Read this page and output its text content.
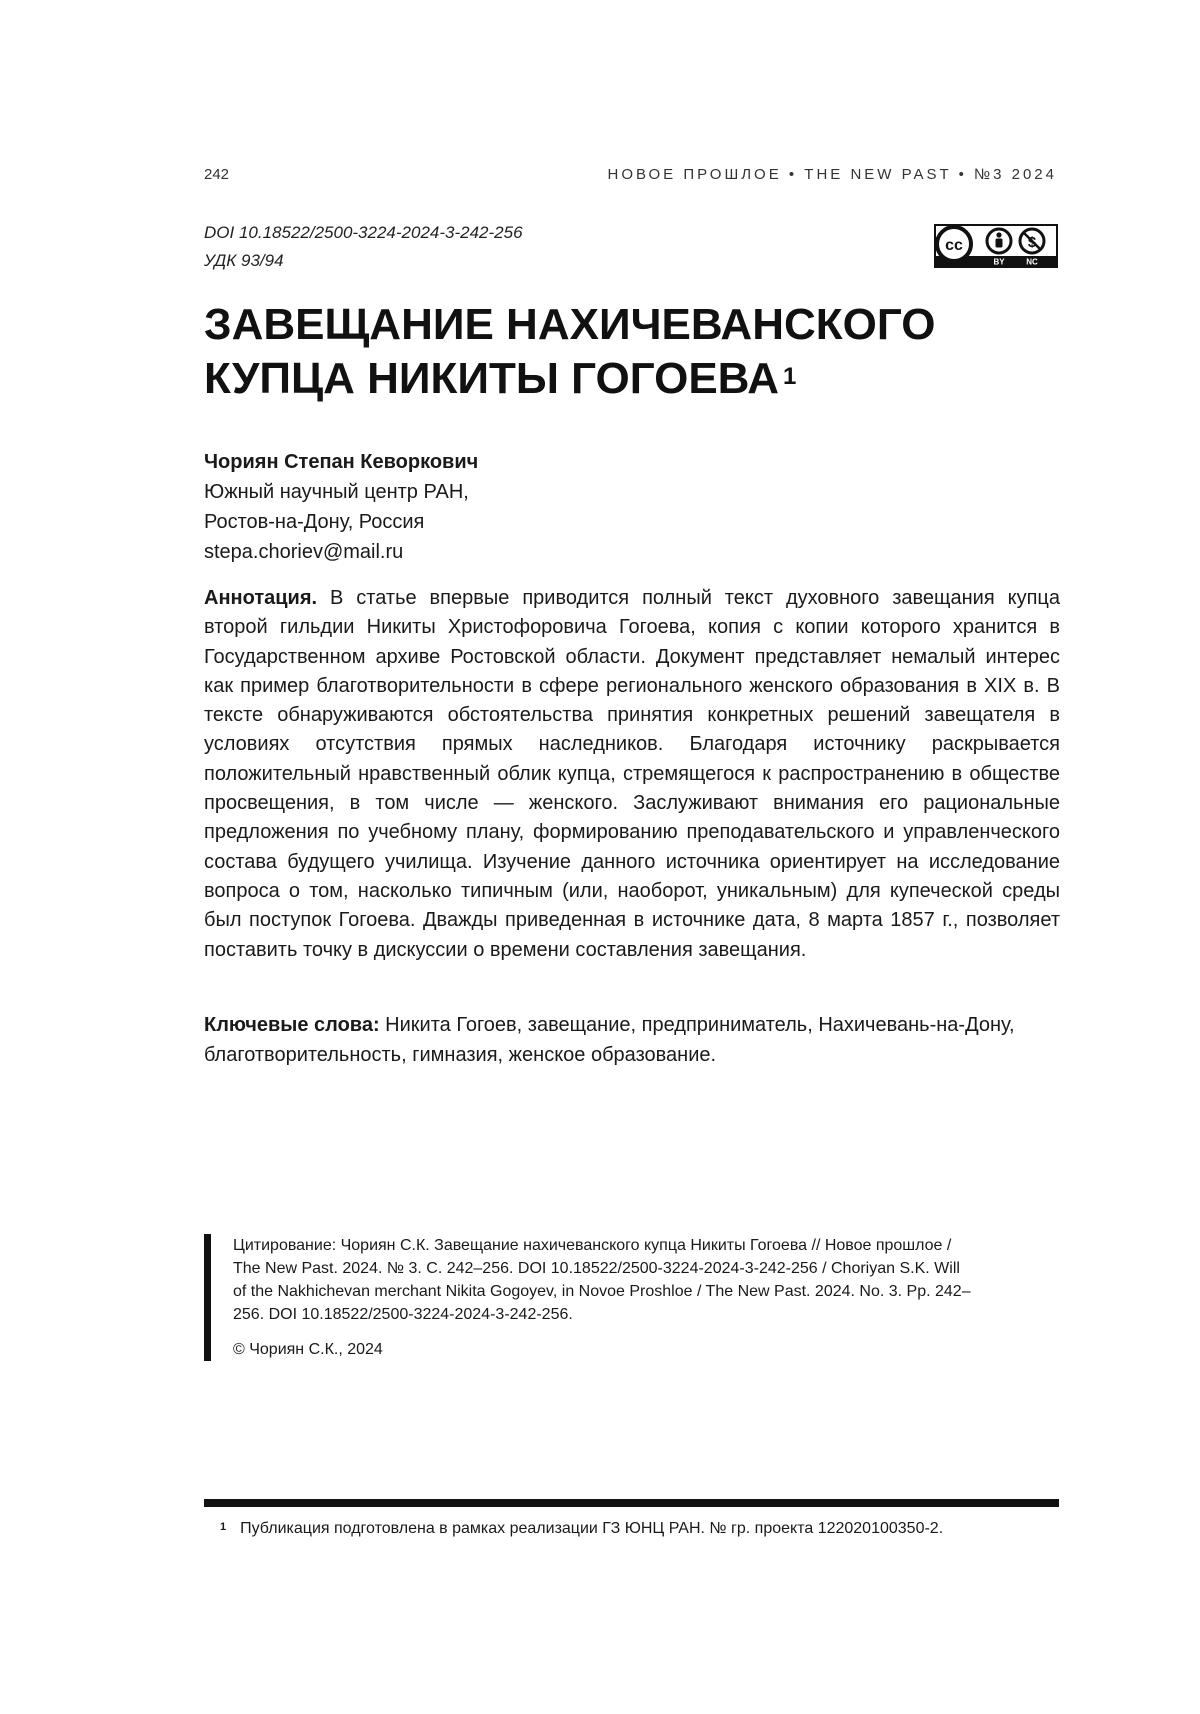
242	НОВОЕ ПРОШЛОЕ • THE NEW PAST • №3 2024
DOI 10.18522/2500-3224-2024-3-242-256
УДК 93/94
cc
BY	NC
ЗАВЕЩАНИЕ НАХИЧЕВАНСКОГО КУПЦА НИКИТЫ ГОГОЕВА 1
Чориян Степан Кеворкович
Южный научный центр РАН,
Ростов-на-Дону, Россия
stepa.choriev@mail.ru

Аннотация. В статье впервые приводится полный текст духовного завещания купца второй гильдии Никиты Христофоровича Гогоева, копия с копии которого хранится в Государственном архиве Ростовской области. Документ представляет немалый интерес как пример благотворительности в сфере регионального женского образования в XIX в. В тексте обнаруживаются обстоятельства принятия конкретных решений завещателя в условиях отсутствия прямых наследников. Благодаря источнику раскрывается положительный нравственный облик купца, стремящегося к распространению в обществе просвещения, в том числе — женского. Заслуживают внимания его рациональные предложения по учебному плану, формированию преподавательского и управленческого состава будущего училища. Изучение данного источника ориентирует на исследование вопроса о том, насколько типичным (или, наоборот, уникальным) для купеческой среды был поступок Гогоева. Дважды приведенная в источнике дата, 8 марта 1857 г., позволяет поставить точку в дискуссии о времени составления завещания.

Ключевые слова: Никита Гогоев, завещание, предприниматель, Нахичевань-на-Дону, благотворительность, гимназия, женское образование.

Цитирование: Чориян С.К. Завещание нахичеванского купца Никиты Гогоева // Новое прошлое / The New Past. 2024. № 3. С. 242–256. DOI 10.18522/2500-3224-2024-3-242-256 / Choriyan S.K. Will of the Nakhichevan merchant Nikita Gogoyev, in Novoe Proshloe / The New Past. 2024. No. 3. Pp. 242–256. DOI 10.18522/2500-3224-2024-3-242-256.

© Чориян С.К., 2024

1 Публикация подготовлена в рамках реализации ГЗ ЮНЦ РАН. № гр. проекта 122020100350-2.
